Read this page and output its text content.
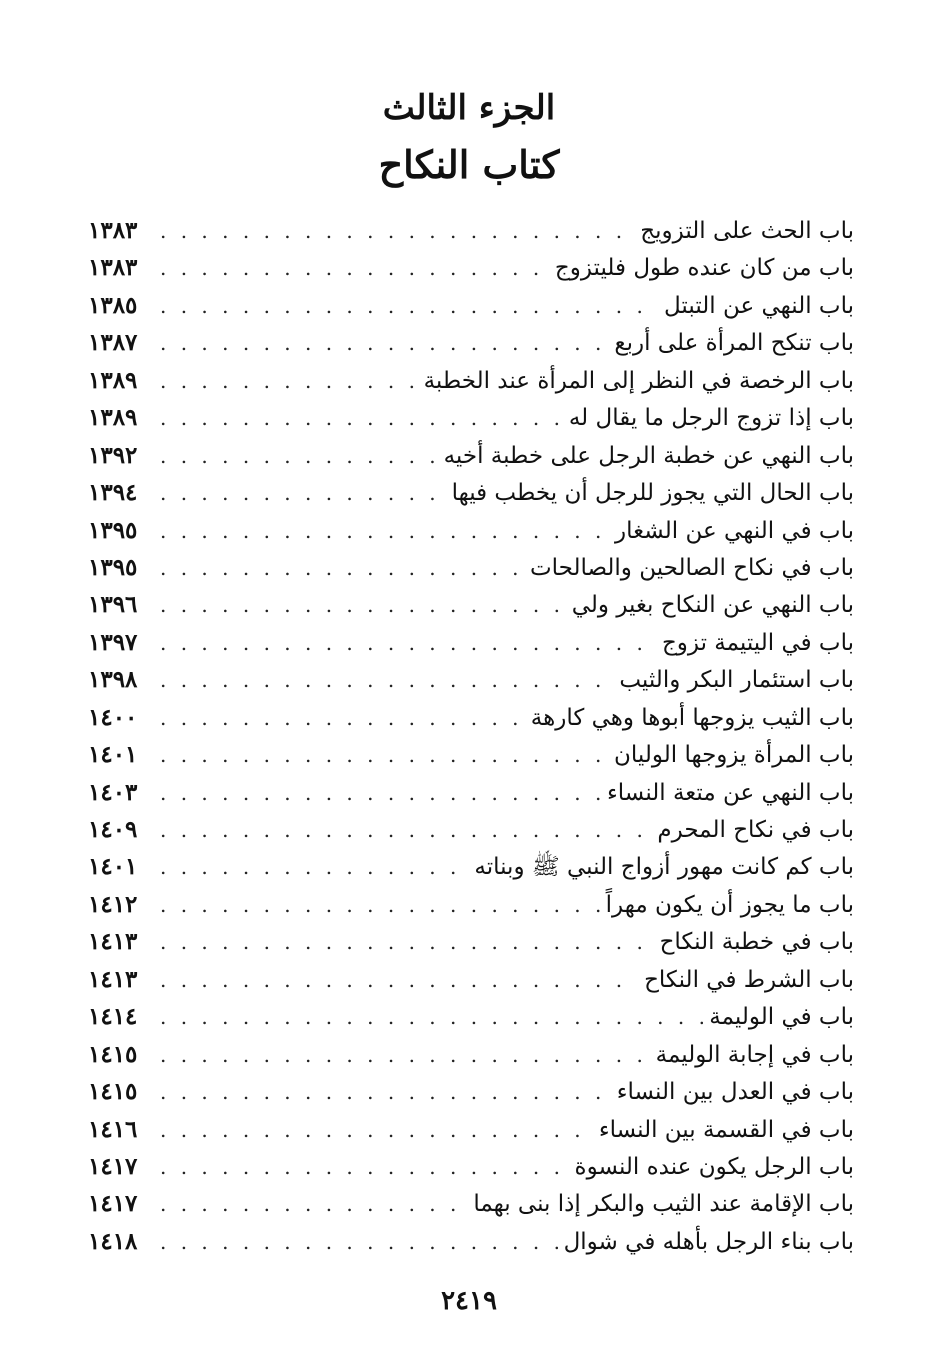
الجزء الثالث
كتاب النكاح
باب الحث على التزويج
. . .
١٣٨٣
باب من كان عنده طول فليتزوج
. . .
١٣٨٣
باب النهي عن التبتل
. . .
١٣٨٥
باب تنكح المرأة على أربع
. . .
١٣٨٧
باب الرخصة في النظر إلى المرأة عند الخطبة
. . .
١٣٨٩
باب إذا تزوج الرجل ما يقال له
. . .
١٣٨٩
باب النهي عن خطبة الرجل على خطبة أخيه
. . .
١٣٩٢
باب الحال التي يجوز للرجل أن يخطب فيها
. . .
١٣٩٤
باب في النهي عن الشغار
. . .
١٣٩٥
باب في نكاح الصالحين والصالحات
. . .
١٣٩٥
باب النهي عن النكاح بغير ولي
. . .
١٣٩٦
باب في اليتيمة تزوج
. . .
١٣٩٧
باب استئمار البكر والثيب
. . .
١٣٩٨
باب الثيب يزوجها أبوها وهي كارهة
. . .
١٤٠٠
باب المرأة يزوجها الوليان
. . .
١٤٠١
باب النهي عن متعة النساء
. . .
١٤٠٣
باب في نكاح المحرم
. . .
١٤٠٩
باب كم كانت مهور أزواج النبي ﷺ وبناته
. . .
١٤٠١
باب ما يجوز أن يكون مهراً
. . .
١٤١٢
باب في خطبة النكاح
. . .
١٤١٣
باب الشرط في النكاح
. . .
١٤١٣
باب في الوليمة
. . .
١٤١٤
باب في إجابة الوليمة
. . .
١٤١٥
باب في العدل بين النساء
. . .
١٤١٥
باب في القسمة بين النساء
. . .
١٤١٦
باب الرجل يكون عنده النسوة
. . .
١٤١٧
باب الإقامة عند الثيب والبكر إذا بنى بهما
. . .
١٤١٧
باب بناء الرجل بأهله في شوال
. . .
١٤١٨
٢٤١٩
